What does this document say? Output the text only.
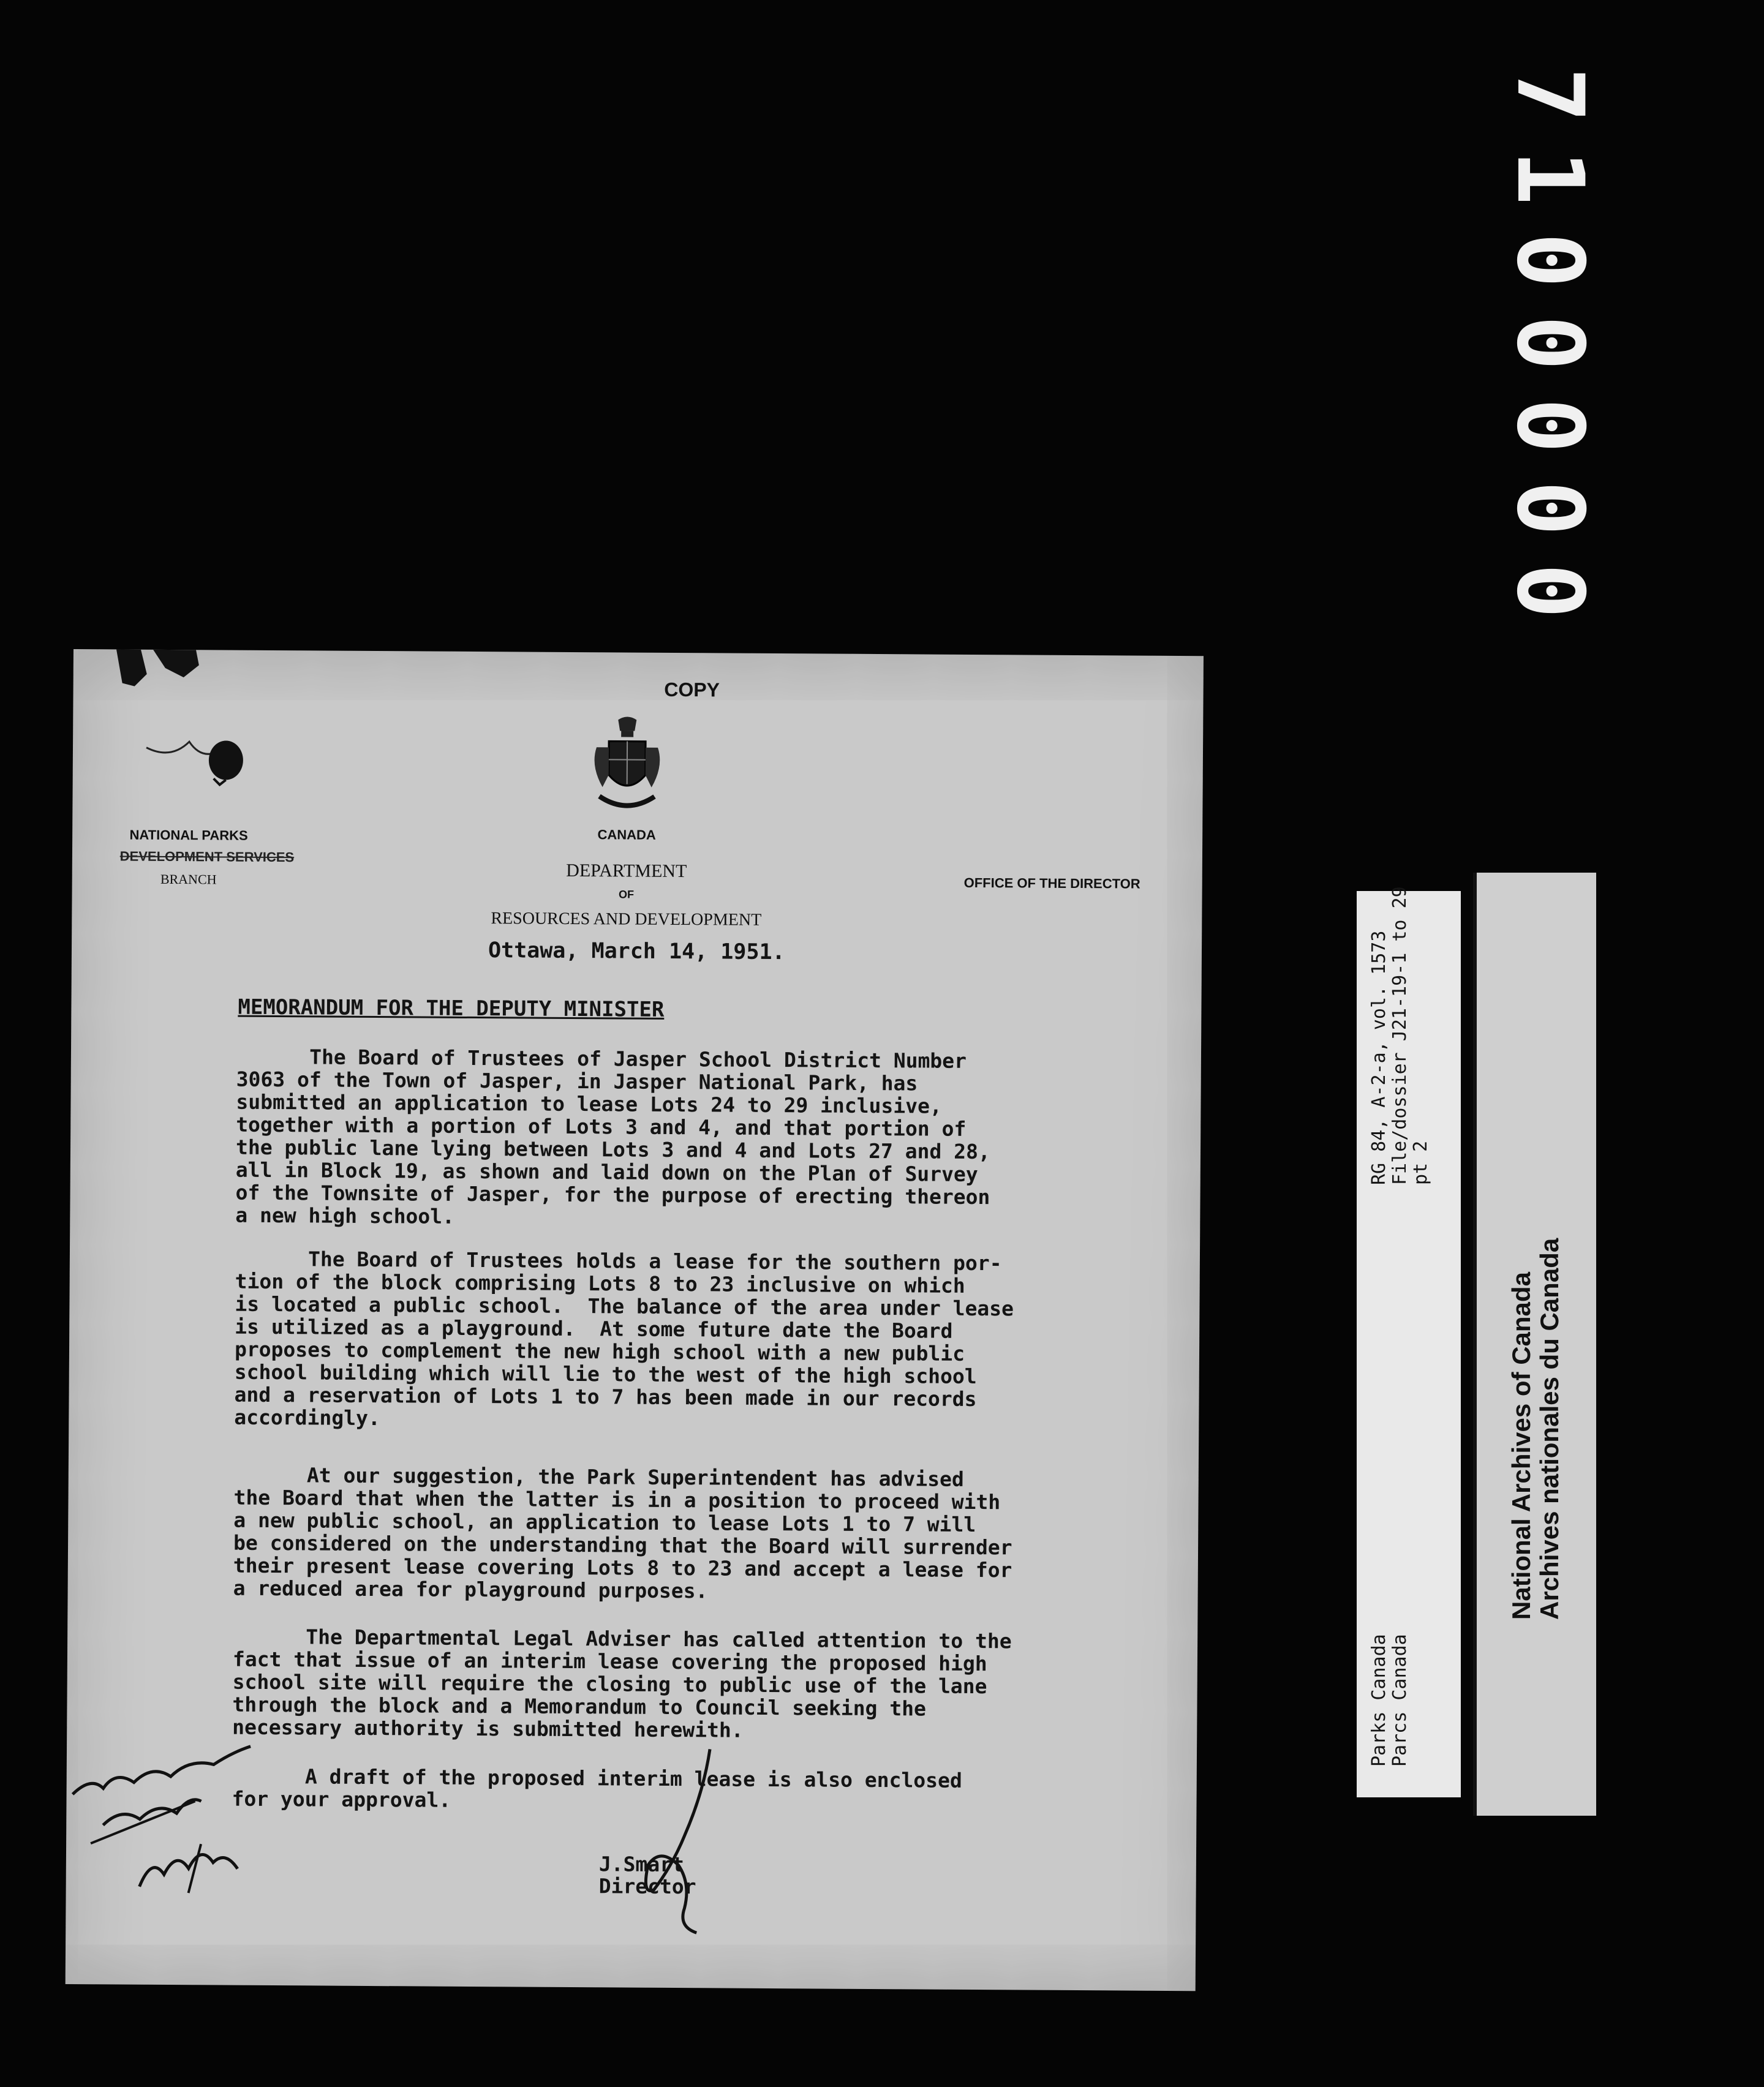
7
1
0
0
0
0
0
COPY
CANADA
DEPARTMENT
OF
RESOURCES AND DEVELOPMENT
NATIONAL PARKS
DEVELOPMENT SERVICES
BRANCH	OFFICE OF THE DIRECTOR
Ottawa, March 14, 1951.
MEMORANDUM FOR THE DEPUTY MINISTER
The Board of Trustees of Jasper School District Number
3063 of the Town of Jasper, in Jasper National Park, has
submitted an application to lease Lots 24 to 29 inclusive,
together with a portion of Lots 3 and 4, and that portion of
the public lane lying between Lots 3 and 4 and Lots 27 and 28,
all in Block 19, as shown and laid down on the Plan of Survey
of the Townsite of Jasper, for the purpose of erecting thereon
a new high school.
The Board of Trustees holds a lease for the southern por-
tion of the block comprising Lots 8 to 23 inclusive on which
is located a public school.  The balance of the area under lease
is utilized as a playground.  At some future date the Board
proposes to complement the new high school with a new public
school building which will lie to the west of the high school
and a reservation of Lots 1 to 7 has been made in our records
accordingly.
At our suggestion, the Park Superintendent has advised
the Board that when the latter is in a position to proceed with
a new public school, an application to lease Lots 1 to 7 will
be considered on the understanding that the Board will surrender
their present lease covering Lots 8 to 23 and accept a lease for
a reduced area for playground purposes.
The Departmental Legal Adviser has called attention to the
fact that issue of an interim lease covering the proposed high
school site will require the closing to public use of the lane
through the block and a Memorandum to Council seeking the
necessary authority is submitted herewith.
A draft of the proposed interim lease is also enclosed
for your approval.
J.Smart
Director
RG 84, A-2-a, vol. 1573
File/dossier J21-19-1 to 29
pt 2
Parks Canada
Parcs Canada
National Archives of Canada
Archives nationales du Canada
